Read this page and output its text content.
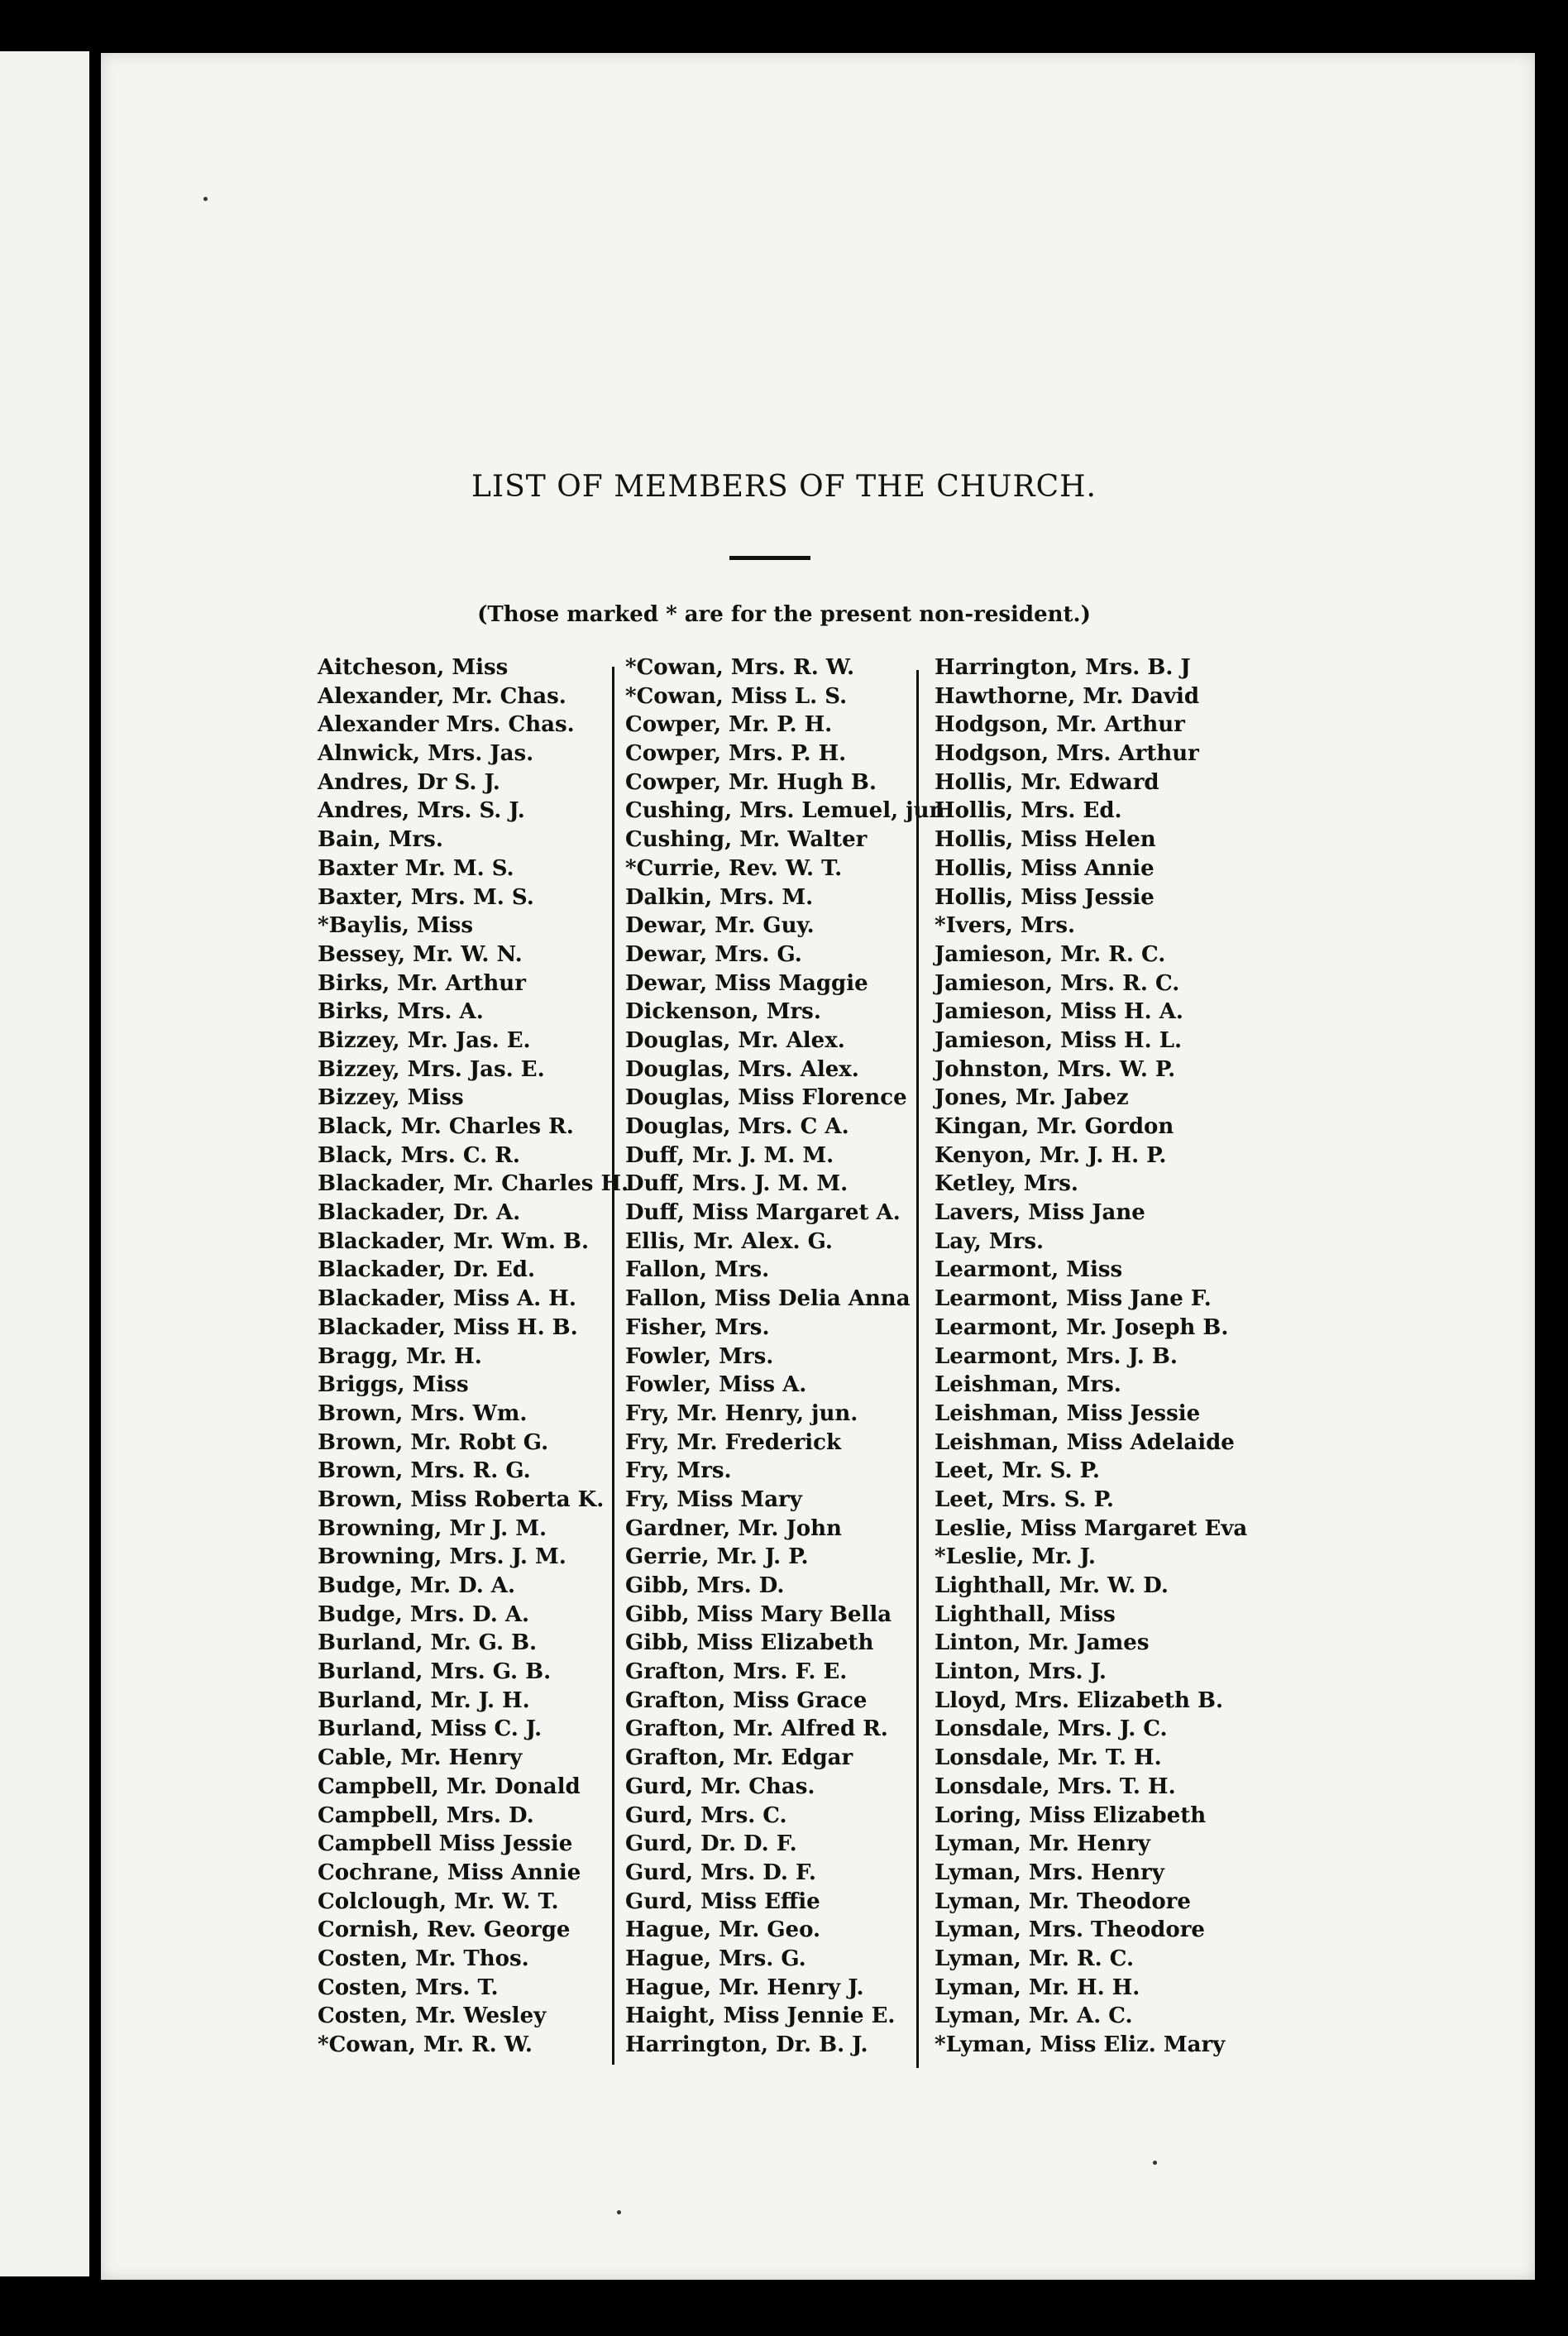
LIST OF MEMBERS OF THE CHURCH.
(Those marked * are for the present non-resident.)
Aitcheson, Miss
Alexander, Mr. Chas.
Alexander Mrs. Chas.
Alnwick, Mrs. Jas.
Andres, Dr S. J.
Andres, Mrs. S. J.
Bain, Mrs.
Baxter Mr. M. S.
Baxter, Mrs. M. S.
*Baylis, Miss
Bessey, Mr. W. N.
Birks, Mr. Arthur
Birks, Mrs. A.
Bizzey, Mr. Jas. E.
Bizzey, Mrs. Jas. E.
Bizzey, Miss
Black, Mr. Charles R.
Black, Mrs. C. R.
Blackader, Mr. Charles H.
Blackader, Dr. A.
Blackader, Mr. Wm. B.
Blackader, Dr. Ed.
Blackader, Miss A. H.
Blackader, Miss H. B.
Bragg, Mr. H.
Briggs, Miss
Brown, Mrs. Wm.
Brown, Mr. Robt G.
Brown, Mrs. R. G.
Brown, Miss Roberta K.
Browning, Mr J. M.
Browning, Mrs. J. M.
Budge, Mr. D. A.
Budge, Mrs. D. A.
Burland, Mr. G. B.
Burland, Mrs. G. B.
Burland, Mr. J. H.
Burland, Miss C. J.
Cable, Mr. Henry
Campbell, Mr. Donald
Campbell, Mrs. D.
Campbell Miss Jessie
Cochrane, Miss Annie
Colclough, Mr. W. T.
Cornish, Rev. George
Costen, Mr. Thos.
Costen, Mrs. T.
Costen, Mr. Wesley
*Cowan, Mr. R. W.
*Cowan, Mrs. R. W.
*Cowan, Miss L. S.
Cowper, Mr. P. H.
Cowper, Mrs. P. H.
Cowper, Mr. Hugh B.
Cushing, Mrs. Lemuel, jun
Cushing, Mr. Walter
*Currie, Rev. W. T.
Dalkin, Mrs. M.
Dewar, Mr. Guy.
Dewar, Mrs. G.
Dewar, Miss Maggie
Dickenson, Mrs.
Douglas, Mr. Alex.
Douglas, Mrs. Alex.
Douglas, Miss Florence
Douglas, Mrs. C A.
Duff, Mr. J. M. M.
Duff, Mrs. J. M. M.
Duff, Miss Margaret A.
Ellis, Mr. Alex. G.
Fallon, Mrs.
Fallon, Miss Delia Anna
Fisher, Mrs.
Fowler, Mrs.
Fowler, Miss A.
Fry, Mr. Henry, jun.
Fry, Mr. Frederick
Fry, Mrs.
Fry, Miss Mary
Gardner, Mr. John
Gerrie, Mr. J. P.
Gibb, Mrs. D.
Gibb, Miss Mary Bella
Gibb, Miss Elizabeth
Grafton, Mrs. F. E.
Grafton, Miss Grace
Grafton, Mr. Alfred R.
Grafton, Mr. Edgar
Gurd, Mr. Chas.
Gurd, Mrs. C.
Gurd, Dr. D. F.
Gurd, Mrs. D. F.
Gurd, Miss Effie
Hague, Mr. Geo.
Hague, Mrs. G.
Hague, Mr. Henry J.
Haight, Miss Jennie E.
Harrington, Dr. B. J.
Harrington, Mrs. B. J
Hawthorne, Mr. David
Hodgson, Mr. Arthur
Hodgson, Mrs. Arthur
Hollis, Mr. Edward
Hollis, Mrs. Ed.
Hollis, Miss Helen
Hollis, Miss Annie
Hollis, Miss Jessie
*Ivers, Mrs.
Jamieson, Mr. R. C.
Jamieson, Mrs. R. C.
Jamieson, Miss H. A.
Jamieson, Miss H. L.
Johnston, Mrs. W. P.
Jones, Mr. Jabez
Kingan, Mr. Gordon
Kenyon, Mr. J. H. P.
Ketley, Mrs.
Lavers, Miss Jane
Lay, Mrs.
Learmont, Miss
Learmont, Miss Jane F.
Learmont, Mr. Joseph B.
Learmont, Mrs. J. B.
Leishman, Mrs.
Leishman, Miss Jessie
Leishman, Miss Adelaide
Leet, Mr. S. P.
Leet, Mrs. S. P.
Leslie, Miss Margaret Eva
*Leslie, Mr. J.
Lighthall, Mr. W. D.
Lighthall, Miss
Linton, Mr. James
Linton, Mrs. J.
Lloyd, Mrs. Elizabeth B.
Lonsdale, Mrs. J. C.
Lonsdale, Mr. T. H.
Lonsdale, Mrs. T. H.
Loring, Miss Elizabeth
Lyman, Mr. Henry
Lyman, Mrs. Henry
Lyman, Mr. Theodore
Lyman, Mrs. Theodore
Lyman, Mr. R. C.
Lyman, Mr. H. H.
Lyman, Mr. A. C.
*Lyman, Miss Eliz. Mary
